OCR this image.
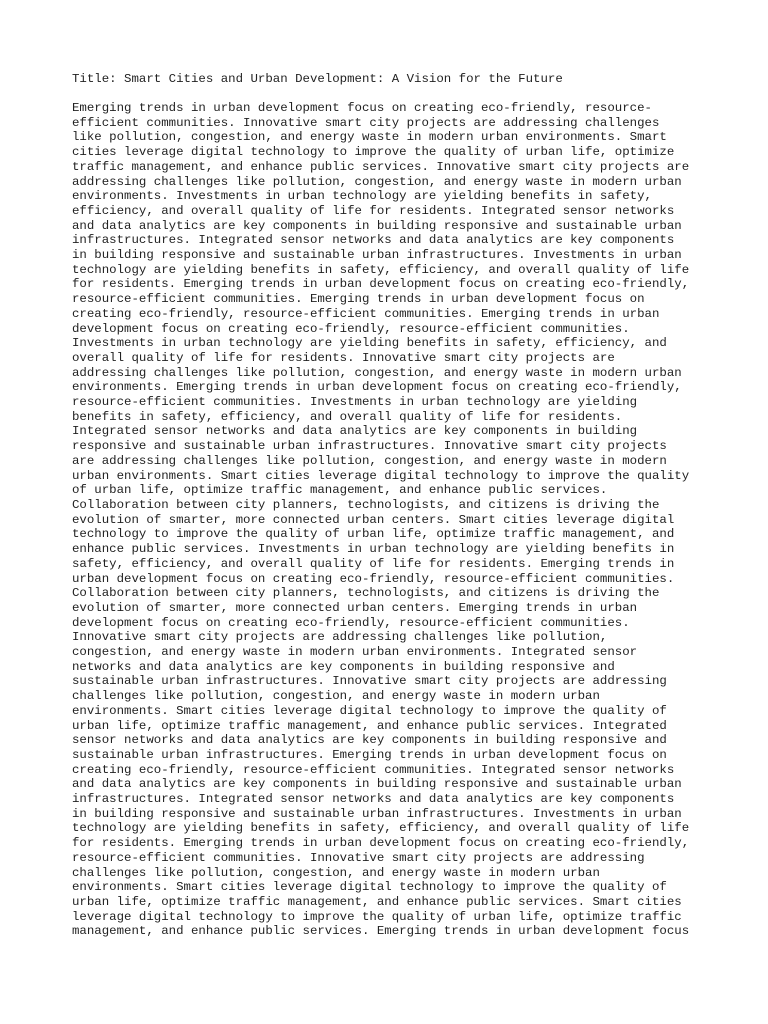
Title: Smart Cities and Urban Development: A Vision for the Future
Emerging trends in urban development focus on creating eco-friendly, resource-
efficient communities. Innovative smart city projects are addressing challenges
like pollution, congestion, and energy waste in modern urban environments. Smart
cities leverage digital technology to improve the quality of urban life, optimize
traffic management, and enhance public services. Innovative smart city projects are
addressing challenges like pollution, congestion, and energy waste in modern urban
environments. Investments in urban technology are yielding benefits in safety,
efficiency, and overall quality of life for residents. Integrated sensor networks
and data analytics are key components in building responsive and sustainable urban
infrastructures. Integrated sensor networks and data analytics are key components
in building responsive and sustainable urban infrastructures. Investments in urban
technology are yielding benefits in safety, efficiency, and overall quality of life
for residents. Emerging trends in urban development focus on creating eco-friendly,
resource-efficient communities. Emerging trends in urban development focus on
creating eco-friendly, resource-efficient communities. Emerging trends in urban
development focus on creating eco-friendly, resource-efficient communities.
Investments in urban technology are yielding benefits in safety, efficiency, and
overall quality of life for residents. Innovative smart city projects are
addressing challenges like pollution, congestion, and energy waste in modern urban
environments. Emerging trends in urban development focus on creating eco-friendly,
resource-efficient communities. Investments in urban technology are yielding
benefits in safety, efficiency, and overall quality of life for residents.
Integrated sensor networks and data analytics are key components in building
responsive and sustainable urban infrastructures. Innovative smart city projects
are addressing challenges like pollution, congestion, and energy waste in modern
urban environments. Smart cities leverage digital technology to improve the quality
of urban life, optimize traffic management, and enhance public services.
Collaboration between city planners, technologists, and citizens is driving the
evolution of smarter, more connected urban centers. Smart cities leverage digital
technology to improve the quality of urban life, optimize traffic management, and
enhance public services. Investments in urban technology are yielding benefits in
safety, efficiency, and overall quality of life for residents. Emerging trends in
urban development focus on creating eco-friendly, resource-efficient communities.
Collaboration between city planners, technologists, and citizens is driving the
evolution of smarter, more connected urban centers. Emerging trends in urban
development focus on creating eco-friendly, resource-efficient communities.
Innovative smart city projects are addressing challenges like pollution,
congestion, and energy waste in modern urban environments. Integrated sensor
networks and data analytics are key components in building responsive and
sustainable urban infrastructures. Innovative smart city projects are addressing
challenges like pollution, congestion, and energy waste in modern urban
environments. Smart cities leverage digital technology to improve the quality of
urban life, optimize traffic management, and enhance public services. Integrated
sensor networks and data analytics are key components in building responsive and
sustainable urban infrastructures. Emerging trends in urban development focus on
creating eco-friendly, resource-efficient communities. Integrated sensor networks
and data analytics are key components in building responsive and sustainable urban
infrastructures. Integrated sensor networks and data analytics are key components
in building responsive and sustainable urban infrastructures. Investments in urban
technology are yielding benefits in safety, efficiency, and overall quality of life
for residents. Emerging trends in urban development focus on creating eco-friendly,
resource-efficient communities. Innovative smart city projects are addressing
challenges like pollution, congestion, and energy waste in modern urban
environments. Smart cities leverage digital technology to improve the quality of
urban life, optimize traffic management, and enhance public services. Smart cities
leverage digital technology to improve the quality of urban life, optimize traffic
management, and enhance public services. Emerging trends in urban development focus
